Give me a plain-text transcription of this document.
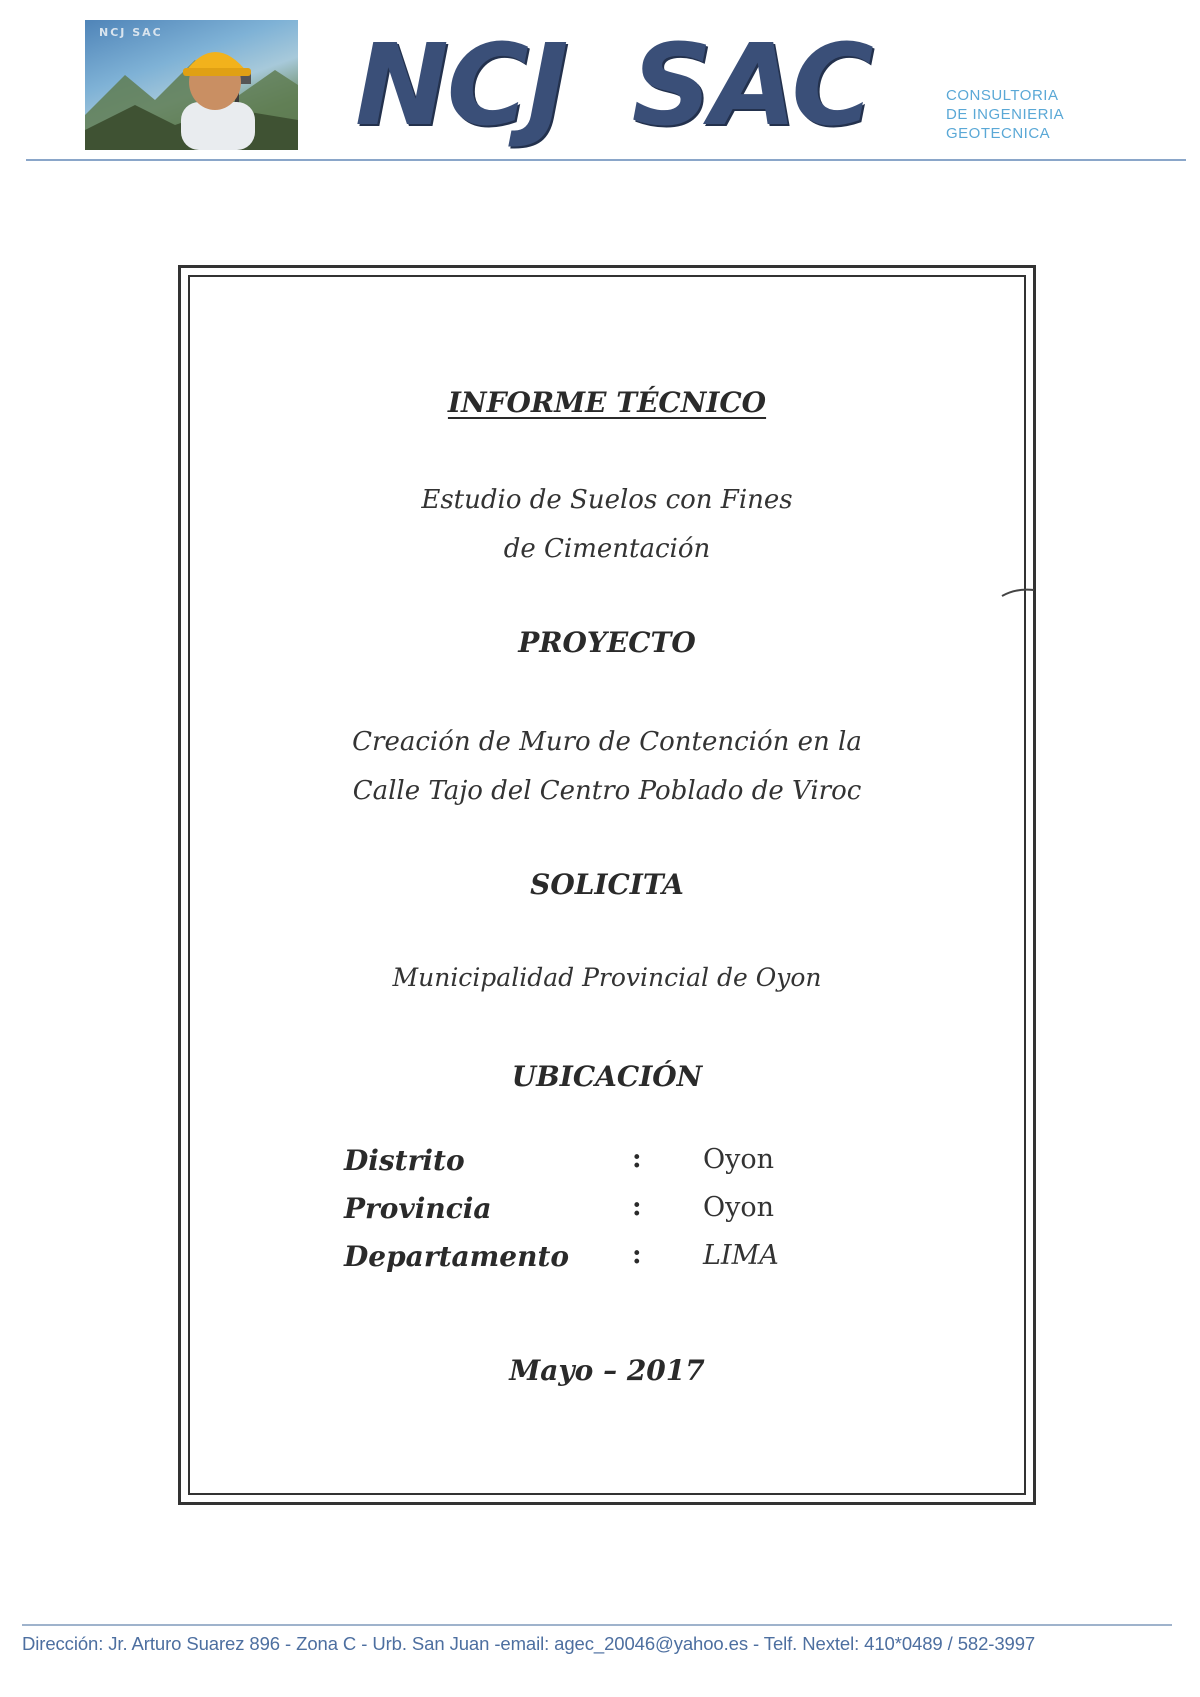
NCJ SAC NCJ SAC	CONSULTORIA
DE INGENIERIA
GEOTECNICA
INFORME TÉCNICO
Estudio de Suelos con Fines
de Cimentación
PROYECTO
Creación de Muro de Contención en la
Calle Tajo del Centro Poblado de Viroc
SOLICITA
Municipalidad Provincial de Oyon
UBICACIÓN
Distrito	: Oyon
Provincia	: Oyon
Departamento : LIMA
Mayo – 2017
Dirección: Jr. Arturo Suarez 896 - Zona C - Urb. San Juan -email: agec_20046@yahoo.es - Telf. Nextel: 410*0489 / 582-3997
